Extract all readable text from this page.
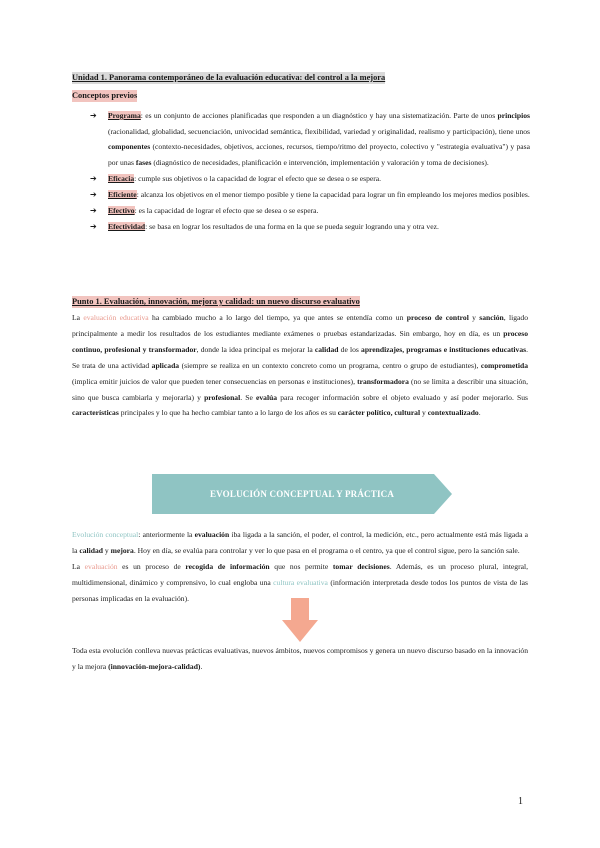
Unidad 1. Panorama contemporáneo de la evaluación educativa: del control a la mejora
Conceptos previos
➔ Programa: es un conjunto de acciones planificadas que responden a un diagnóstico y hay una sistematización. Parte de unos principios (racionalidad, globalidad, secuenciación, univocidad semántica, flexibilidad, variedad y originalidad, realismo y participación), tiene unos componentes (contexto-necesidades, objetivos, acciones, recursos, tiempo/ritmo del proyecto, colectivo y "estrategia evaluativa") y pasa por unas fases (diagnóstico de necesidades, planificación e intervención, implementación y valoración y toma de decisiones).
➔ Eficacia: cumple sus objetivos o la capacidad de lograr el efecto que se desea o se espera.
➔ Eficiente: alcanza los objetivos en el menor tiempo posible y tiene la capacidad para lograr un fin empleando los mejores medios posibles.
➔ Efectivo: es la capacidad de lograr el efecto que se desea o se espera.
➔ Efectividad: se basa en lograr los resultados de una forma en la que se pueda seguir logrando una y otra vez.
Punto 1. Evaluación, innovación, mejora y calidad: un nuevo discurso evaluativo
La evaluación educativa ha cambiado mucho a lo largo del tiempo, ya que antes se entendía como un proceso de control y sanción, ligado principalmente a medir los resultados de los estudiantes mediante exámenes o pruebas estandarizadas. Sin embargo, hoy en día, es un proceso continuo, profesional y transformador, donde la idea principal es mejorar la calidad de los aprendizajes, programas e instituciones educativas. Se trata de una actividad aplicada (siempre se realiza en un contexto concreto como un programa, centro o grupo de estudiantes), comprometida (implica emitir juicios de valor que pueden tener consecuencias en personas e instituciones), transformadora (no se limita a describir una situación, sino que busca cambiarla y mejorarla) y profesional. Se evalúa para recoger información sobre el objeto evaluado y así poder mejorarlo. Sus características principales y lo que ha hecho cambiar tanto a lo largo de los años es su carácter político, cultural y contextualizado.
EVOLUCIÓN CONCEPTUAL Y PRÁCTICA
Evolución conceptual: anteriormente la evaluación iba ligada a la sanción, el poder, el control, la medición, etc., pero actualmente está más ligada a la calidad y mejora. Hoy en día, se evalúa para controlar y ver lo que pasa en el programa o el centro, ya que el control sigue, pero la sanción sale.
La evaluación es un proceso de recogida de información que nos permite tomar decisiones. Además, es un proceso plural, integral, multidimensional, dinámico y comprensivo, lo cual engloba una cultura evaluativa (información interpretada desde todos los puntos de vista de las personas implicadas en la evaluación).
Toda esta evolución conlleva nuevas prácticas evaluativas, nuevos ámbitos, nuevos compromisos y genera un nuevo discurso basado en la innovación y la mejora (innovación-mejora-calidad).
1
